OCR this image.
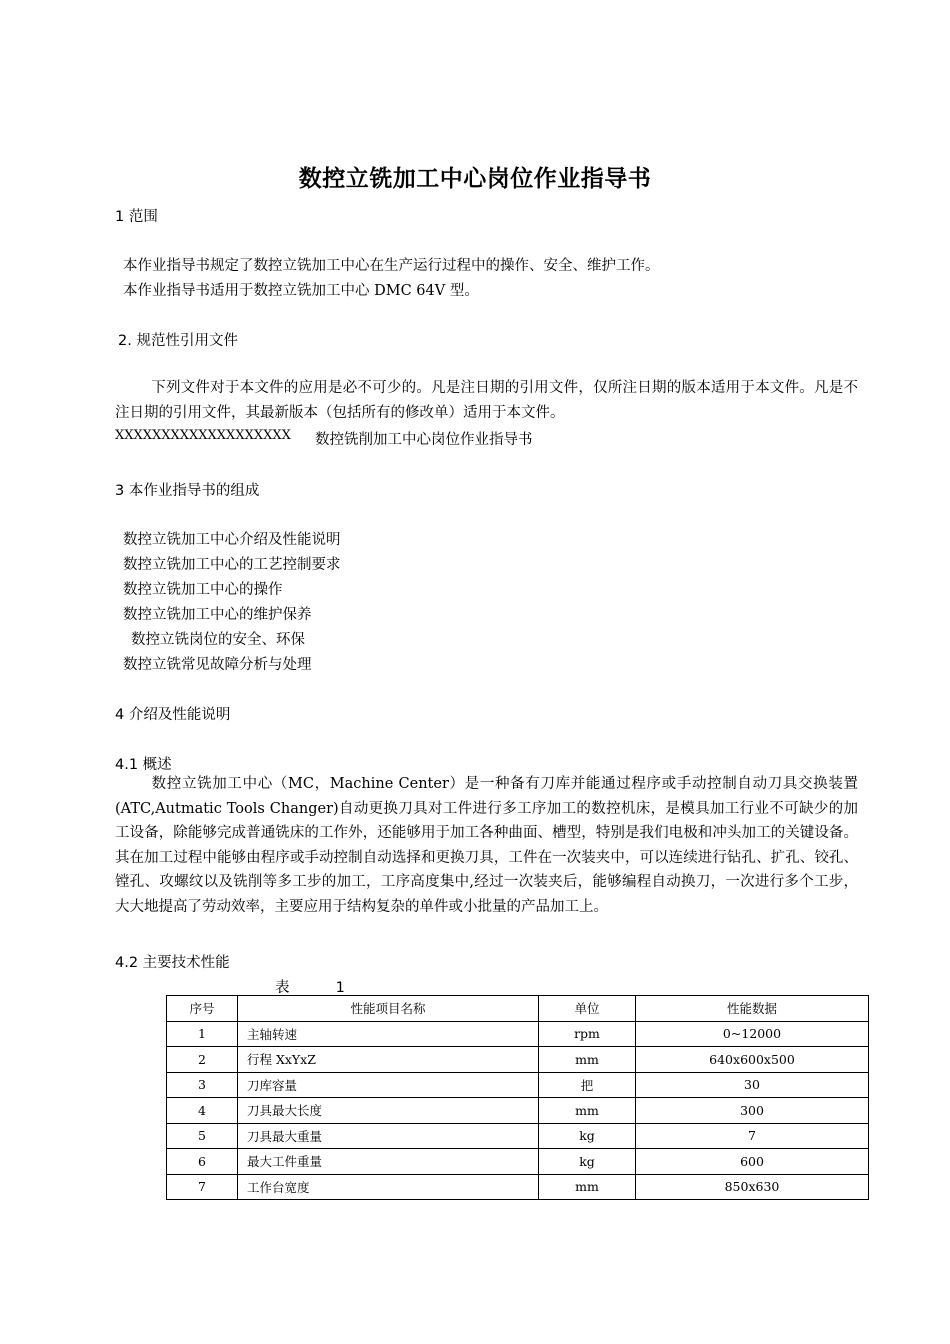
数控立铣加工中心岗位作业指导书
1 范围
本作业指导书规定了数控立铣加工中心在生产运行过程中的操作、安全、维护工作。
本作业指导书适用于数控立铣加工中心 DMC 64V 型。
2. 规范性引用文件

下列文件对于本文件的应用是必不可少的。凡是注日期的引用文件，仅所注日期的版本适用于本文件。凡是不注日期的引用文件，其最新版本（包括所有的修改单）适用于本文件。

XXXXXXXXXXXXXXXXXXX 数控铣削加工中心岗位作业指导书
3 本作业指导书的组成
数控立铣加工中心介绍及性能说明
数控立铣加工中心的工艺控制要求
数控立铣加工中心的操作
数控立铣加工中心的维护保养
数控立铣岗位的安全、环保
数控立铣常见故障分析与处理
4 介绍及性能说明
4.1 概述

数控立铣加工中心（MC，Machine Center）是一种备有刀库并能通过程序或手动控制自动刀具交换装置(ATC,Autmatic Tools Changer)自动更换刀具对工件进行多工序加工的数控机床，是模具加工行业不可缺少的加工设备，除能够完成普通铣床的工作外，还能够用于加工各种曲面、槽型，特别是我们电极和冲头加工的关键设备。其在加工过程中能够由程序或手动控制自动选择和更换刀具，工件在一次装夹中，可以连续进行钻孔、扩孔、铰孔、镗孔、攻螺纹以及铣削等多工步的加工，工序高度集中,经过一次装夹后，能够编程自动换刀，一次进行多个工步，大大地提高了劳动效率，主要应用于结构复杂的单件或小批量的产品加工上。

4.2 主要技术性能
表          1
序号	性能项目名称	单位	性能数据
1	主轴转速	rpm	0~12000
2	行程 XxYxZ	mm	640x600x500
3	刀库容量	把	30
4	刀具最大长度	mm	300
5	刀具最大重量	kg	7
6	最大工件重量	kg	600
7	工作台宽度	mm	850x630
